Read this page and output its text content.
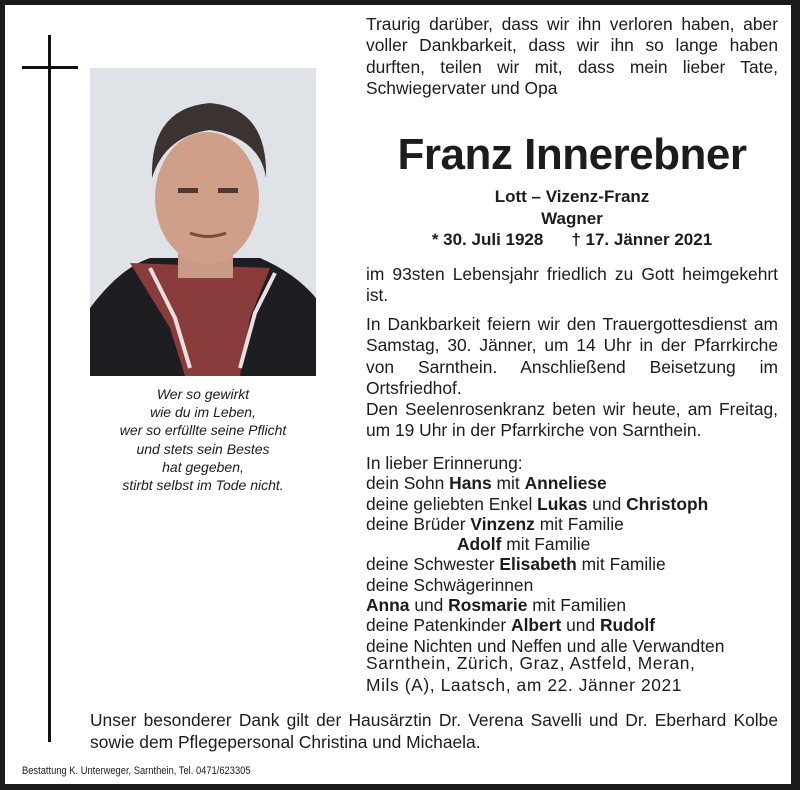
Wer so gewirkt
wie du im Leben,
wer so erfüllte seine Pflicht
und stets sein Bestes
hat gegeben,
stirbt selbst im Tode nicht.
Traurig darüber, dass wir ihn verloren haben, aber voller Dankbarkeit, dass wir ihn so lange haben durften, teilen wir mit, dass mein lieber Tate, Schwiegervater und Opa
Franz Innerebner
Lott – Vizenz-Franz
Wagner
* 30. Juli 1928 † 17. Jänner 2021
im 93sten Lebensjahr friedlich zu Gott heimgekehrt ist.
In Dankbarkeit feiern wir den Trauergottesdienst am Samstag, 30. Jänner, um 14 Uhr in der Pfarrkirche von Sarnthein. Anschließend Beisetzung im Ortsfriedhof.
Den Seelenrosenkranz beten wir heute, am Freitag, um 19 Uhr in der Pfarrkirche von Sarnthein.
In lieber Erinnerung:
dein Sohn Hans mit Anneliese
deine geliebten Enkel Lukas und Christoph
deine Brüder Vinzenz mit Familie
Adolf mit Familie
deine Schwester Elisabeth mit Familie
deine Schwägerinnen
Anna und Rosmarie mit Familien
deine Patenkinder Albert und Rudolf
deine Nichten und Neffen und alle Verwandten
Sarnthein, Zürich, Graz, Astfeld, Meran,
Mils (A), Laatsch, am 22. Jänner 2021
Unser besonderer Dank gilt der Hausärztin Dr. Verena Savelli und Dr. Eberhard Kolbe sowie dem Pflegepersonal Christina und Michaela.
Bestattung K. Unterweger, Sarnthein, Tel. 0471/623305
